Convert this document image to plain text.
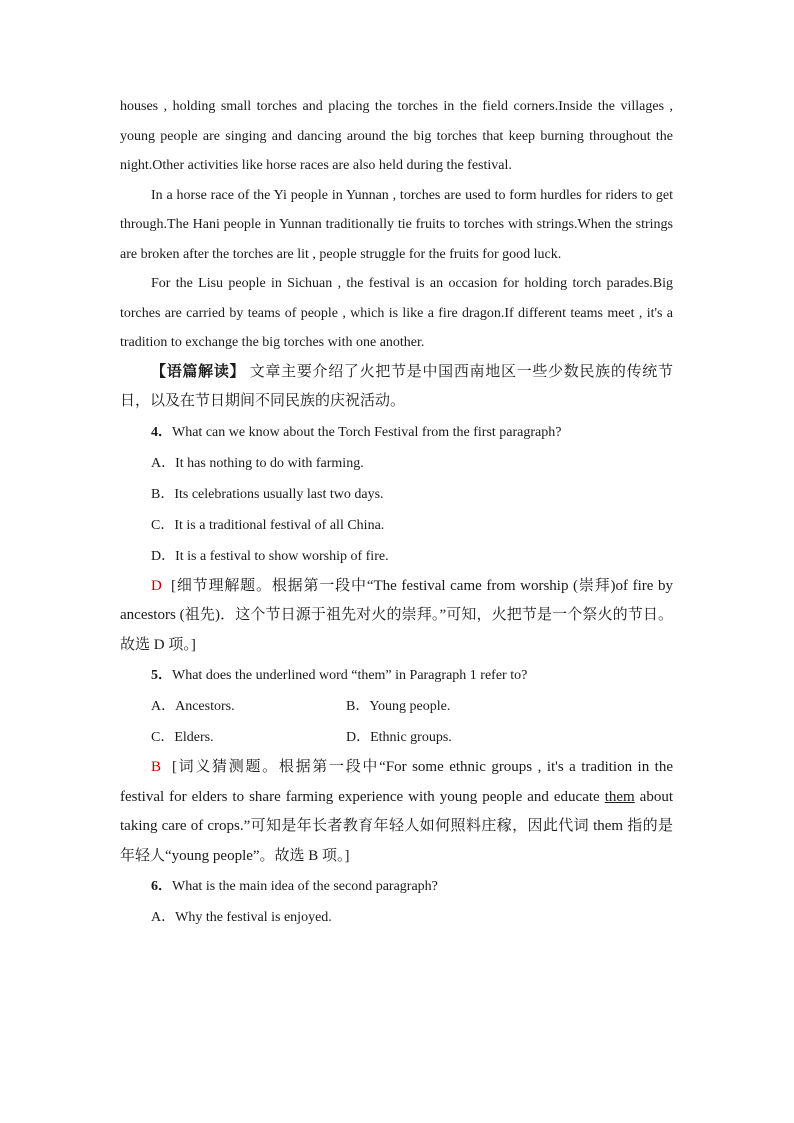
houses , holding small torches and placing the torches in the field corners.Inside the villages , young people are singing and dancing around the big torches that keep burning throughout the night.Other activities like horse races are also held during the festival.

In a horse race of the Yi people in Yunnan , torches are used to form hurdles for riders to get through.The Hani people in Yunnan traditionally tie fruits to torches with strings.When the strings are broken after the torches are lit , people struggle for the fruits for good luck.

For the Lisu people in Sichuan , the festival is an occasion for holding torch parades.Big torches are carried by teams of people , which is like a fire dragon.If different teams meet , it's a tradition to exchange the big torches with one another.

【语篇解读】 文章主要介绍了火把节是中国西南地区一些少数民族的传统节日，以及在节日期间不同民族的庆祝活动。

4．What can we know about the Torch Festival from the first paragraph?

A．It has nothing to do with farming.

B．Its celebrations usually last two days.

C．It is a traditional festival of all China.

D．It is a festival to show worship of fire.

D [细节理解题。根据第一段中“The festival came from worship (崇拜)of fire by ancestors (祖先)．这个节日源于祖先对火的崇拜。”可知，火把节是一个祭火的节日。故选 D 项。]

5．What does the underlined word “them” in Paragraph 1 refer to?

A．Ancestors.	B．Young people.

C．Elders.	D．Ethnic groups.

B [词义猜测题。根据第一段中“For some ethnic groups , it's a tradition in the festival for elders to share farming experience with young people and educate them about taking care of crops.”可知是年长者教育年轻人如何照料庄稼，因此代词 them 指的是年轻人“young people”。故选 B 项。]

6．What is the main idea of the second paragraph?

A．Why the festival is enjoyed.
